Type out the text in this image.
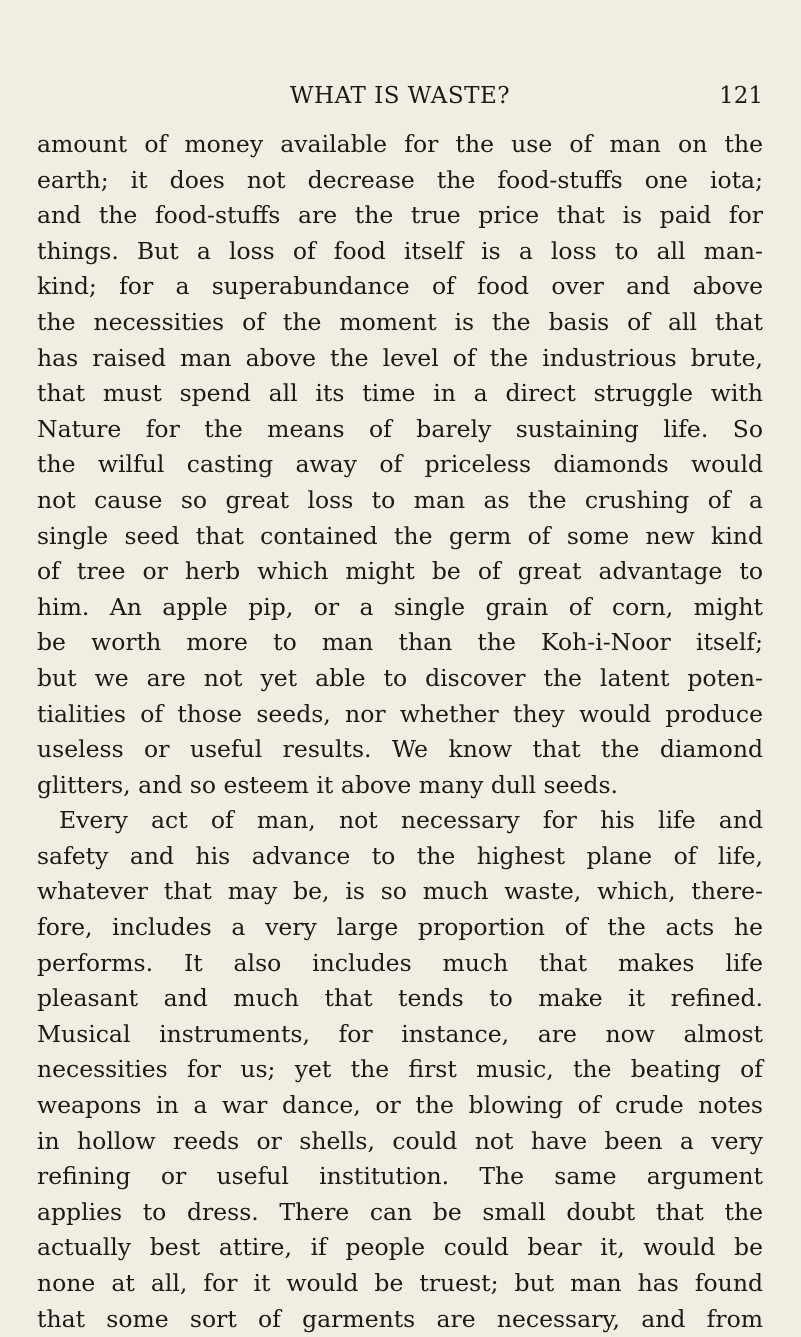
WHAT IS WASTE?	121
amount of money available for the use of man on the
earth; it does not decrease the food-stuffs one iota;
and the food-stuffs are the true price that is paid for
things. But a loss of food itself is a loss to all man-
kind; for a superabundance of food over and above
the necessities of the moment is the basis of all that
has raised man above the level of the industrious brute,
that must spend all its time in a direct struggle with
Nature for the means of barely sustaining life. So
the wilful casting away of priceless diamonds would
not cause so great loss to man as the crushing of a
single seed that contained the germ of some new kind
of tree or herb which might be of great advantage to
him. An apple pip, or a single grain of corn, might
be worth more to man than the Koh-i-Noor itself;
but we are not yet able to discover the latent poten-
tialities of those seeds, nor whether they would produce
useless or useful results. We know that the diamond
glitters, and so esteem it above many dull seeds.
Every act of man, not necessary for his life and
safety and his advance to the highest plane of life,
whatever that may be, is so much waste, which, there-
fore, includes a very large proportion of the acts he
performs. It also includes much that makes life
pleasant and much that tends to make it refined.
Musical instruments, for instance, are now almost
necessities for us; yet the first music, the beating of
weapons in a war dance, or the blowing of crude notes
in hollow reeds or shells, could not have been a very
refining or useful institution. The same argument
applies to dress. There can be small doubt that the
actually best attire, if people could bear it, would be
none at all, for it would be truest; but man has found
that some sort of garments are necessary, and from
